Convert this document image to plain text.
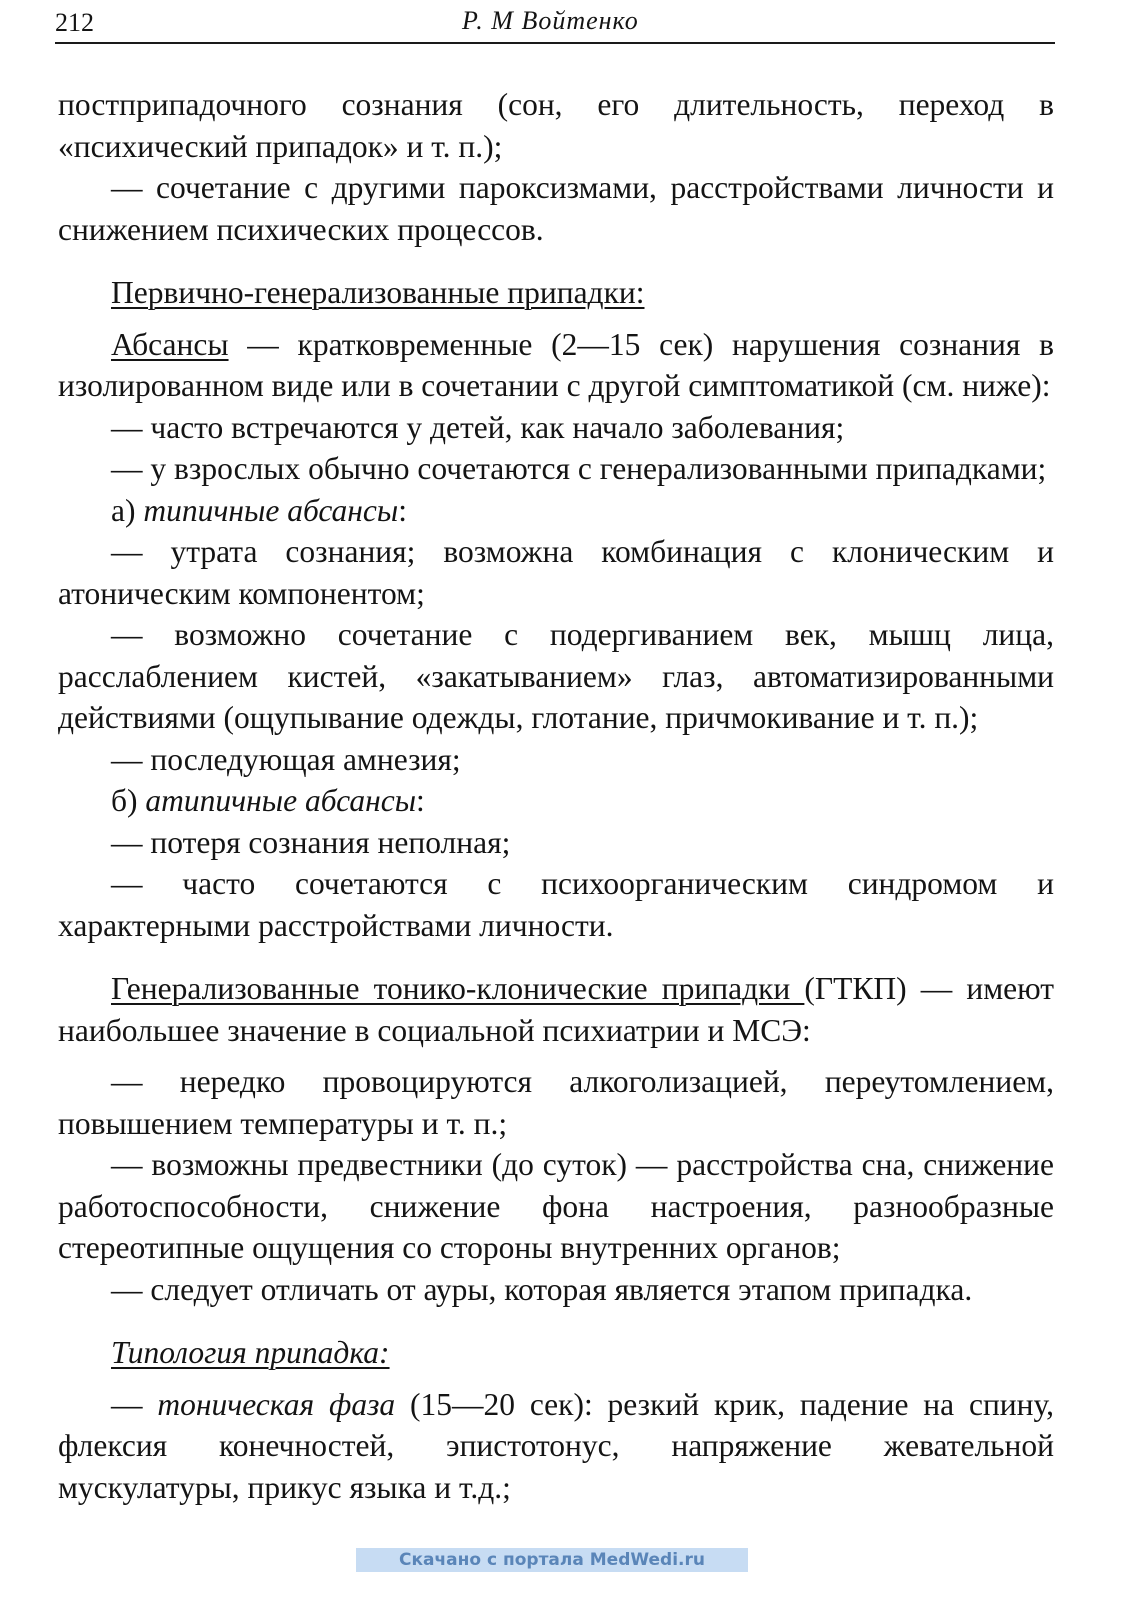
212	Р. М Войтенко

постприпадочного сознания (сон, его длительность, переход в «психический припадок» и т. п.);

— сочетание с другими пароксизмами, расстройствами личности и снижением психических процессов.

Первично-генерализованные припадки:

Абсансы — кратковременные (2—15 сек) нарушения сознания в изолированном виде или в сочетании с другой симптоматикой (см. ниже):

— часто встречаются у детей, как начало заболевания;

— у взрослых обычно сочетаются с генерализованными припадками;

а) типичные абсансы:

— утрата сознания; возможна комбинация с клоническим и атоническим компонентом;

— возможно сочетание с подергиванием век, мышц лица, расслаблением кистей, «закатыванием» глаз, автоматизированными действиями (ощупывание одежды, глотание, причмокивание и т. п.);

— последующая амнезия;

б) атипичные абсансы:

— потеря сознания неполная;

— часто сочетаются с психоорганическим синдромом и характерными расстройствами личности.

Генерализованные тонико-клонические припадки (ГТКП) — имеют наибольшее значение в социальной психиатрии и МСЭ:

— нередко провоцируются алкоголизацией, переутомлением, повышением температуры и т. п.;

— возможны предвестники (до суток) — расстройства сна, снижение работоспособности, снижение фона настроения, разнообразные стереотипные ощущения со стороны внутренних органов;

— следует отличать от ауры, которая является этапом припадка.

Типология припадка:

— тоническая фаза (15—20 сек): резкий крик, падение на спину, флексия конечностей, эпистотонус, напряжение жевательной мускулатуры, прикус языка и т.д.;

Скачано с портала MedWedi.ru
